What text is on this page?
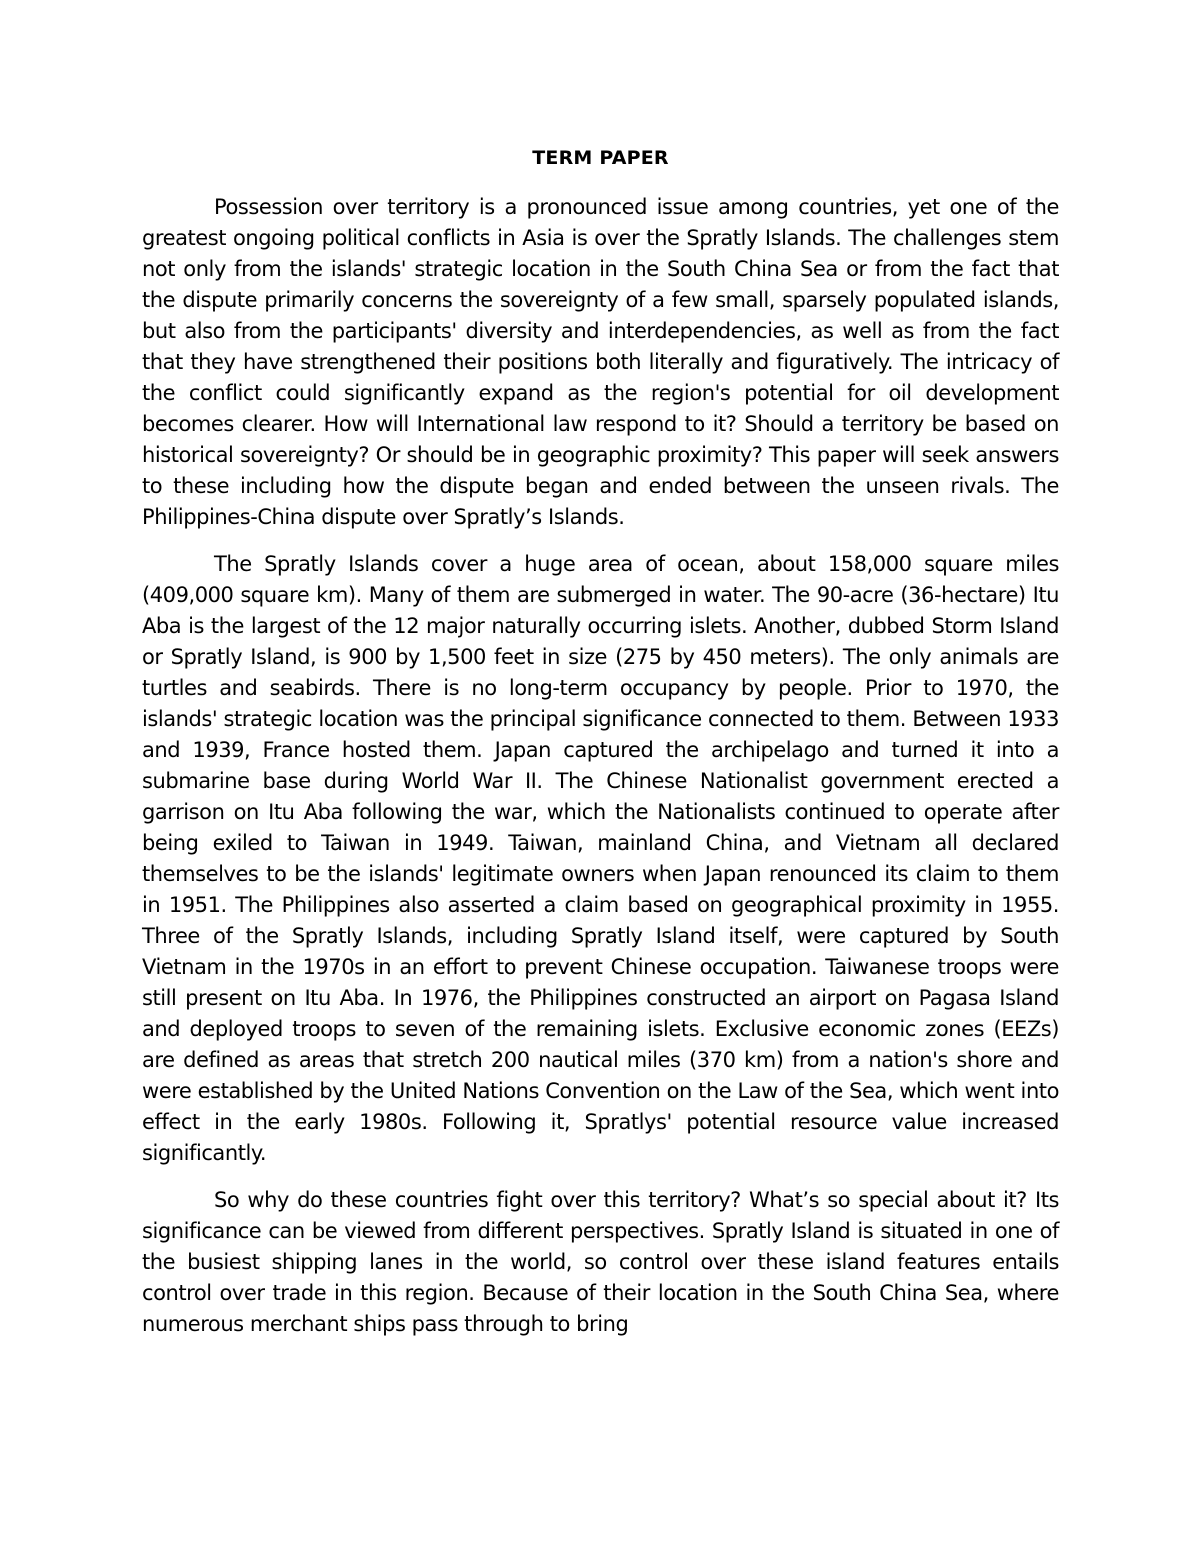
TERM PAPER

Possession over territory is a pronounced issue among countries, yet one of the greatest ongoing political conflicts in Asia is over the Spratly Islands. The challenges stem not only from the islands' strategic location in the South China Sea or from the fact that the dispute primarily concerns the sovereignty of a few small, sparsely populated islands, but also from the participants' diversity and interdependencies, as well as from the fact that they have strengthened their positions both literally and figuratively. The intricacy of the conflict could significantly expand as the region's potential for oil development becomes clearer. How will International law respond to it? Should a territory be based on historical sovereignty? Or should be in geographic proximity? This paper will seek answers to these including how the dispute began and ended between the unseen rivals. The Philippines-China dispute over Spratly’s Islands.

The Spratly Islands cover a huge area of ocean, about 158,000 square miles (409,000 square km). Many of them are submerged in water. The 90-acre (36-hectare) Itu Aba is the largest of the 12 major naturally occurring islets. Another, dubbed Storm Island or Spratly Island, is 900 by 1,500 feet in size (275 by 450 meters). The only animals are turtles and seabirds. There is no long-term occupancy by people. Prior to 1970, the islands' strategic location was the principal significance connected to them. Between 1933 and 1939, France hosted them. Japan captured the archipelago and turned it into a submarine base during World War II. The Chinese Nationalist government erected a garrison on Itu Aba following the war, which the Nationalists continued to operate after being exiled to Taiwan in 1949. Taiwan, mainland China, and Vietnam all declared themselves to be the islands' legitimate owners when Japan renounced its claim to them in 1951. The Philippines also asserted a claim based on geographical proximity in 1955. Three of the Spratly Islands, including Spratly Island itself, were captured by South Vietnam in the 1970s in an effort to prevent Chinese occupation. Taiwanese troops were still present on Itu Aba. In 1976, the Philippines constructed an airport on Pagasa Island and deployed troops to seven of the remaining islets. Exclusive economic zones (EEZs) are defined as areas that stretch 200 nautical miles (370 km) from a nation's shore and were established by the United Nations Convention on the Law of the Sea, which went into effect in the early 1980s. Following it, Spratlys' potential resource value increased significantly.

So why do these countries fight over this territory? What’s so special about it? Its significance can be viewed from different perspectives. Spratly Island is situated in one of the busiest shipping lanes in the world, so control over these island features entails control over trade in this region. Because of their location in the South China Sea, where numerous merchant ships pass through to bring
